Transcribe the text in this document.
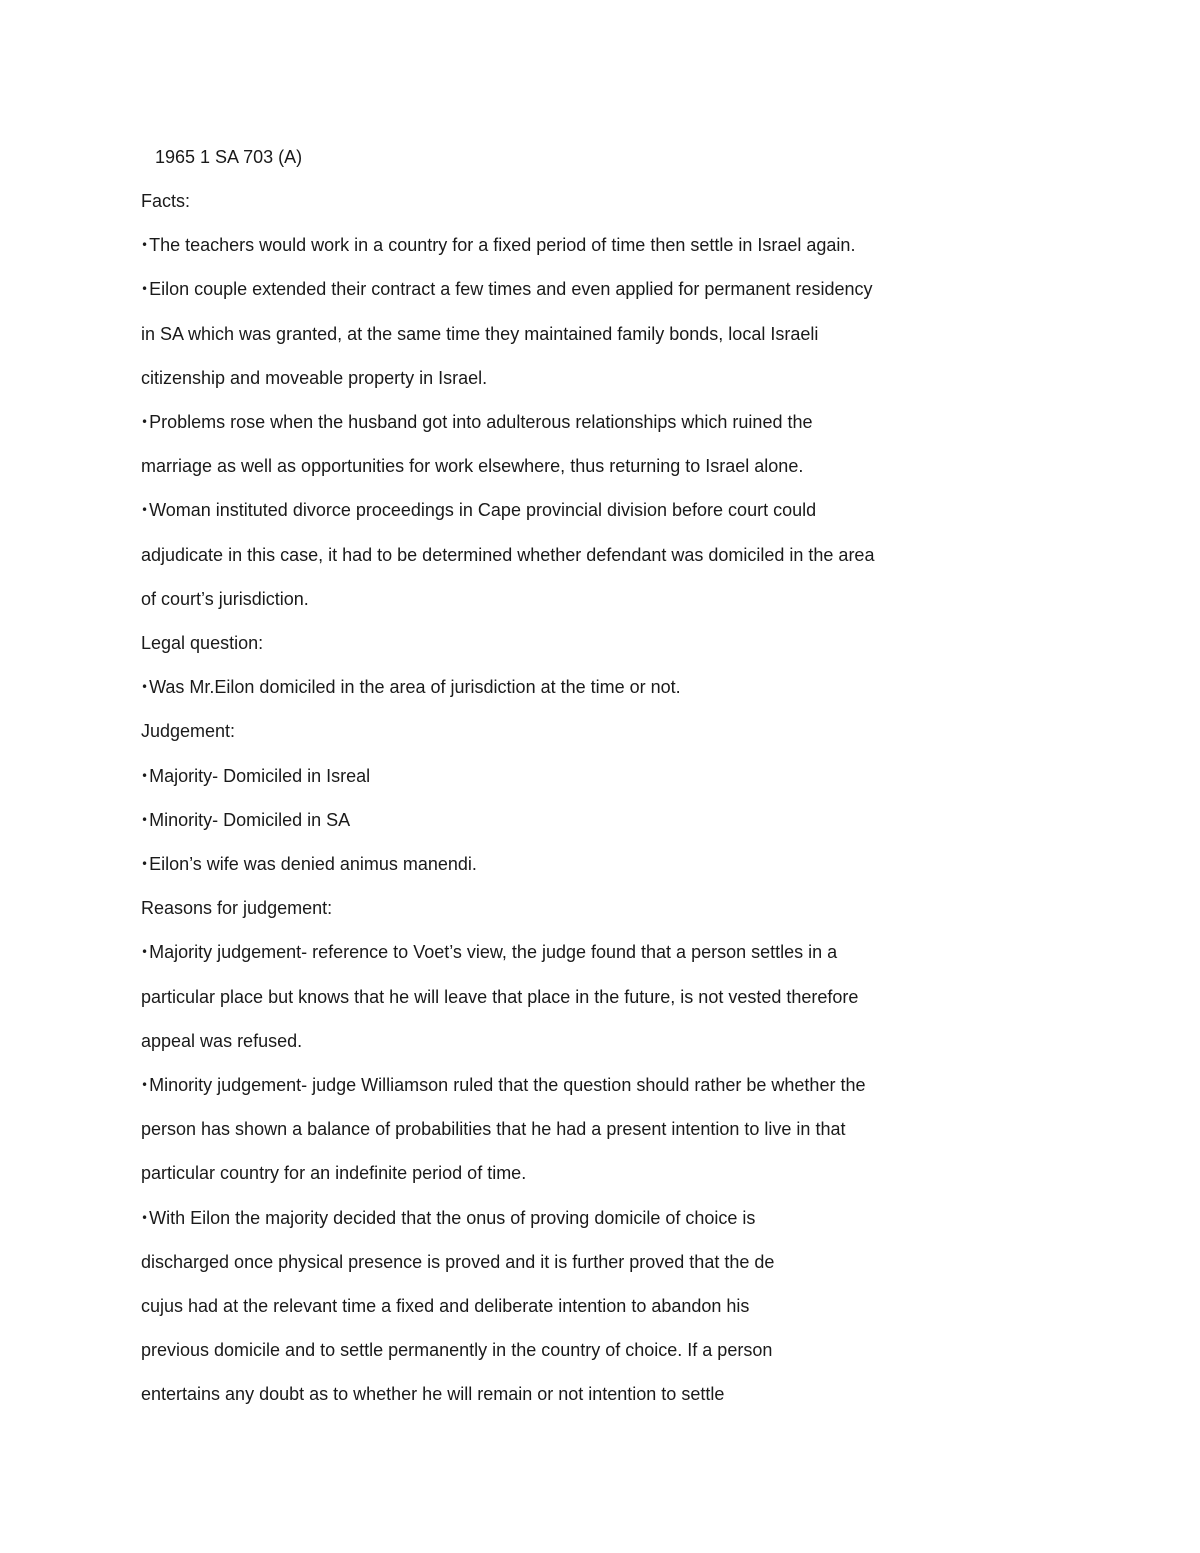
1965 1 SA 703 (A)
Facts:
•The teachers would work in a country for a fixed period of time then settle in Israel again.
•Eilon couple extended their contract a few times and even applied for permanent residency
in SA which was granted, at the same time they maintained family bonds, local Israeli
citizenship and moveable property in Israel.
•Problems rose when the husband got into adulterous relationships which ruined the
marriage as well as opportunities for work elsewhere, thus returning to Israel alone.
•Woman instituted divorce proceedings in Cape provincial division before court could
adjudicate in this case, it had to be determined whether defendant was domiciled in the area
of court’s jurisdiction.
Legal question:
•Was Mr.Eilon domiciled in the area of jurisdiction at the time or not.
Judgement:
•Majority- Domiciled in Isreal
•Minority- Domiciled in SA
•Eilon’s wife was denied animus manendi.
Reasons for judgement:
•Majority judgement- reference to Voet’s view, the judge found that a person settles in a
particular place but knows that he will leave that place in the future, is not vested therefore
appeal was refused.
•Minority judgement- judge Williamson ruled that the question should rather be whether the
person has shown a balance of probabilities that he had a present intention to live in that
particular country for an indefinite period of time.
•With Eilon the majority decided that the onus of proving domicile of choice is
discharged once physical presence is proved and it is further proved that the de
cujus had at the relevant time a fixed and deliberate intention to abandon his
previous domicile and to settle permanently in the country of choice. If a person
entertains any doubt as to whether he will remain or not intention to settle
